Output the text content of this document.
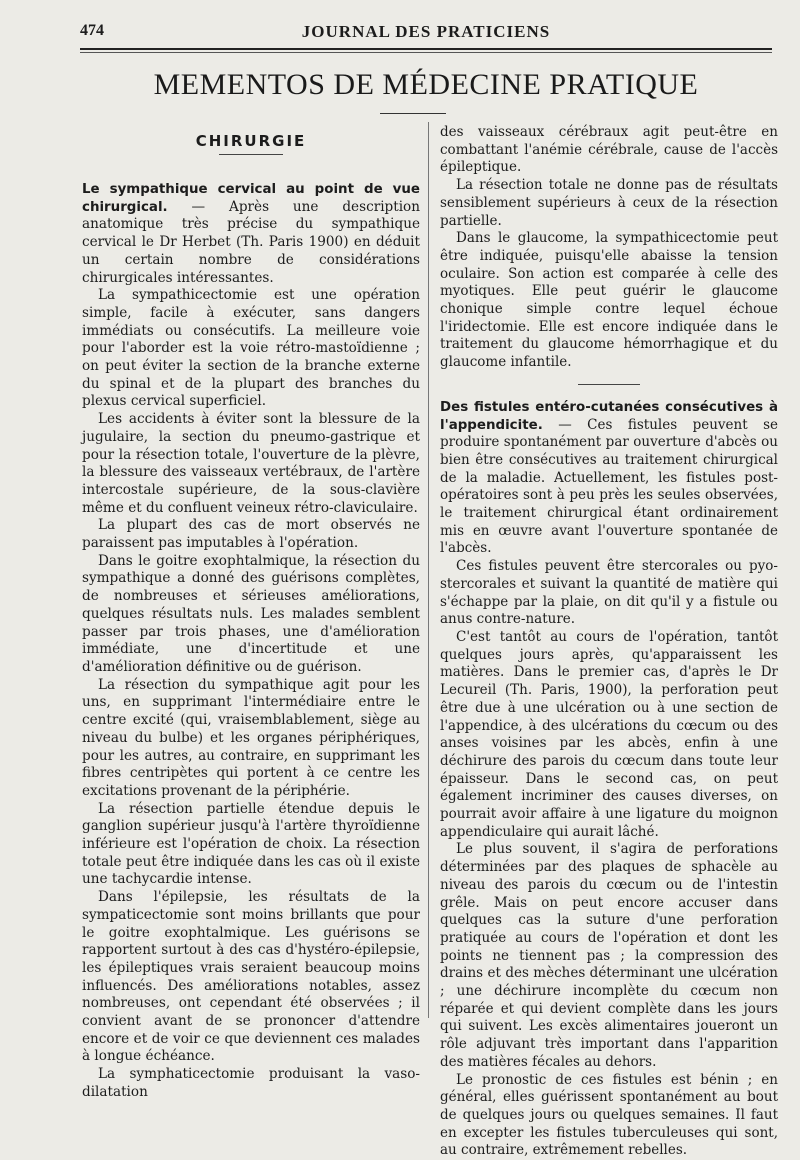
474	JOURNAL DES PRATICIENS
MEMENTOS DE MÉDECINE PRATIQUE
CHIRURGIE

Le sympathique cervical au point de vue chirurgical. — Après une description anatomique très précise du sympathique cervical le Dr Herbet (Th. Paris 1900) en déduit un certain nombre de considérations chirurgicales intéressantes.

La sympathicectomie est une opération simple, facile à exécuter, sans dangers immédiats ou consécutifs. La meilleure voie pour l'aborder est la voie rétro-mastoïdienne ; on peut éviter la section de la branche externe du spinal et de la plupart des branches du plexus cervical superficiel.

Les accidents à éviter sont la blessure de la jugulaire, la section du pneumo-gastrique et pour la résection totale, l'ouverture de la plèvre, la blessure des vaisseaux vertébraux, de l'artère intercostale supérieure, de la sous-clavière même et du confluent veineux rétro-claviculaire.

La plupart des cas de mort observés ne paraissent pas imputables à l'opération.

Dans le goitre exophtalmique, la résection du sympathique a donné des guérisons complètes, de nombreuses et sérieuses améliorations, quelques résultats nuls. Les malades semblent passer par trois phases, une d'amélioration immédiate, une d'incertitude et une d'amélioration définitive ou de guérison.

La résection du sympathique agit pour les uns, en supprimant l'intermédiaire entre le centre excité (qui, vraisemblablement, siège au niveau du bulbe) et les organes périphériques, pour les autres, au contraire, en supprimant les fibres centripètes qui portent à ce centre les excitations provenant de la périphérie.

La résection partielle étendue depuis le ganglion supérieur jusqu'à l'artère thyroïdienne inférieure est l'opération de choix. La résection totale peut être indiquée dans les cas où il existe une tachycardie intense.

Dans l'épilepsie, les résultats de la sympaticectomie sont moins brillants que pour le goitre exophtalmique. Les guérisons se rapportent surtout à des cas d'hystéro-épilepsie, les épileptiques vrais seraient beaucoup moins influencés. Des améliorations notables, assez nombreuses, ont cependant été observées ; il convient avant de se prononcer d'attendre encore et de voir ce que deviennent ces malades à longue échéance.

La symphaticectomie produisant la vaso-dilatation

des vaisseaux cérébraux agit peut-être en combattant l'anémie cérébrale, cause de l'accès épileptique.

La résection totale ne donne pas de résultats sensiblement supérieurs à ceux de la résection partielle.

Dans le glaucome, la sympathicectomie peut être indiquée, puisqu'elle abaisse la tension oculaire. Son action est comparée à celle des myotiques. Elle peut guérir le glaucome chonique simple contre lequel échoue l'iridectomie. Elle est encore indiquée dans le traitement du glaucome hémorrhagique et du glaucome infantile.

Des fistules entéro-cutanées consécutives à l'appendicite. — Ces fistules peuvent se produire spontanément par ouverture d'abcès ou bien être consécutives au traitement chirurgical de la maladie. Actuellement, les fistules post-opératoires sont à peu près les seules observées, le traitement chirurgical étant ordinairement mis en œuvre avant l'ouverture spontanée de l'abcès.

Ces fistules peuvent être stercorales ou pyo-stercorales et suivant la quantité de matière qui s'échappe par la plaie, on dit qu'il y a fistule ou anus contre-nature.

C'est tantôt au cours de l'opération, tantôt quelques jours après, qu'apparaissent les matières. Dans le premier cas, d'après le Dr Lecureil (Th. Paris, 1900), la perforation peut être due à une ulcération ou à une section de l'appendice, à des ulcérations du cœcum ou des anses voisines par les abcès, enfin à une déchirure des parois du cœcum dans toute leur épaisseur. Dans le second cas, on peut également incriminer des causes diverses, on pourrait avoir affaire à une ligature du moignon appendiculaire qui aurait lâché.

Le plus souvent, il s'agira de perforations déterminées par des plaques de sphacèle au niveau des parois du cœcum ou de l'intestin grêle. Mais on peut encore accuser dans quelques cas la suture d'une perforation pratiquée au cours de l'opération et dont les points ne tiennent pas ; la compression des drains et des mèches déterminant une ulcération ; une déchirure incomplète du cœcum non réparée et qui devient complète dans les jours qui suivent. Les excès alimentaires joueront un rôle adjuvant très important dans l'apparition des matières fécales au dehors.

Le pronostic de ces fistules est bénin ; en général, elles guérissent spontanément au bout de quelques jours ou quelques semaines. Il faut en excepter les fistules tuberculeuses qui sont, au contraire, extrêmement rebelles.
